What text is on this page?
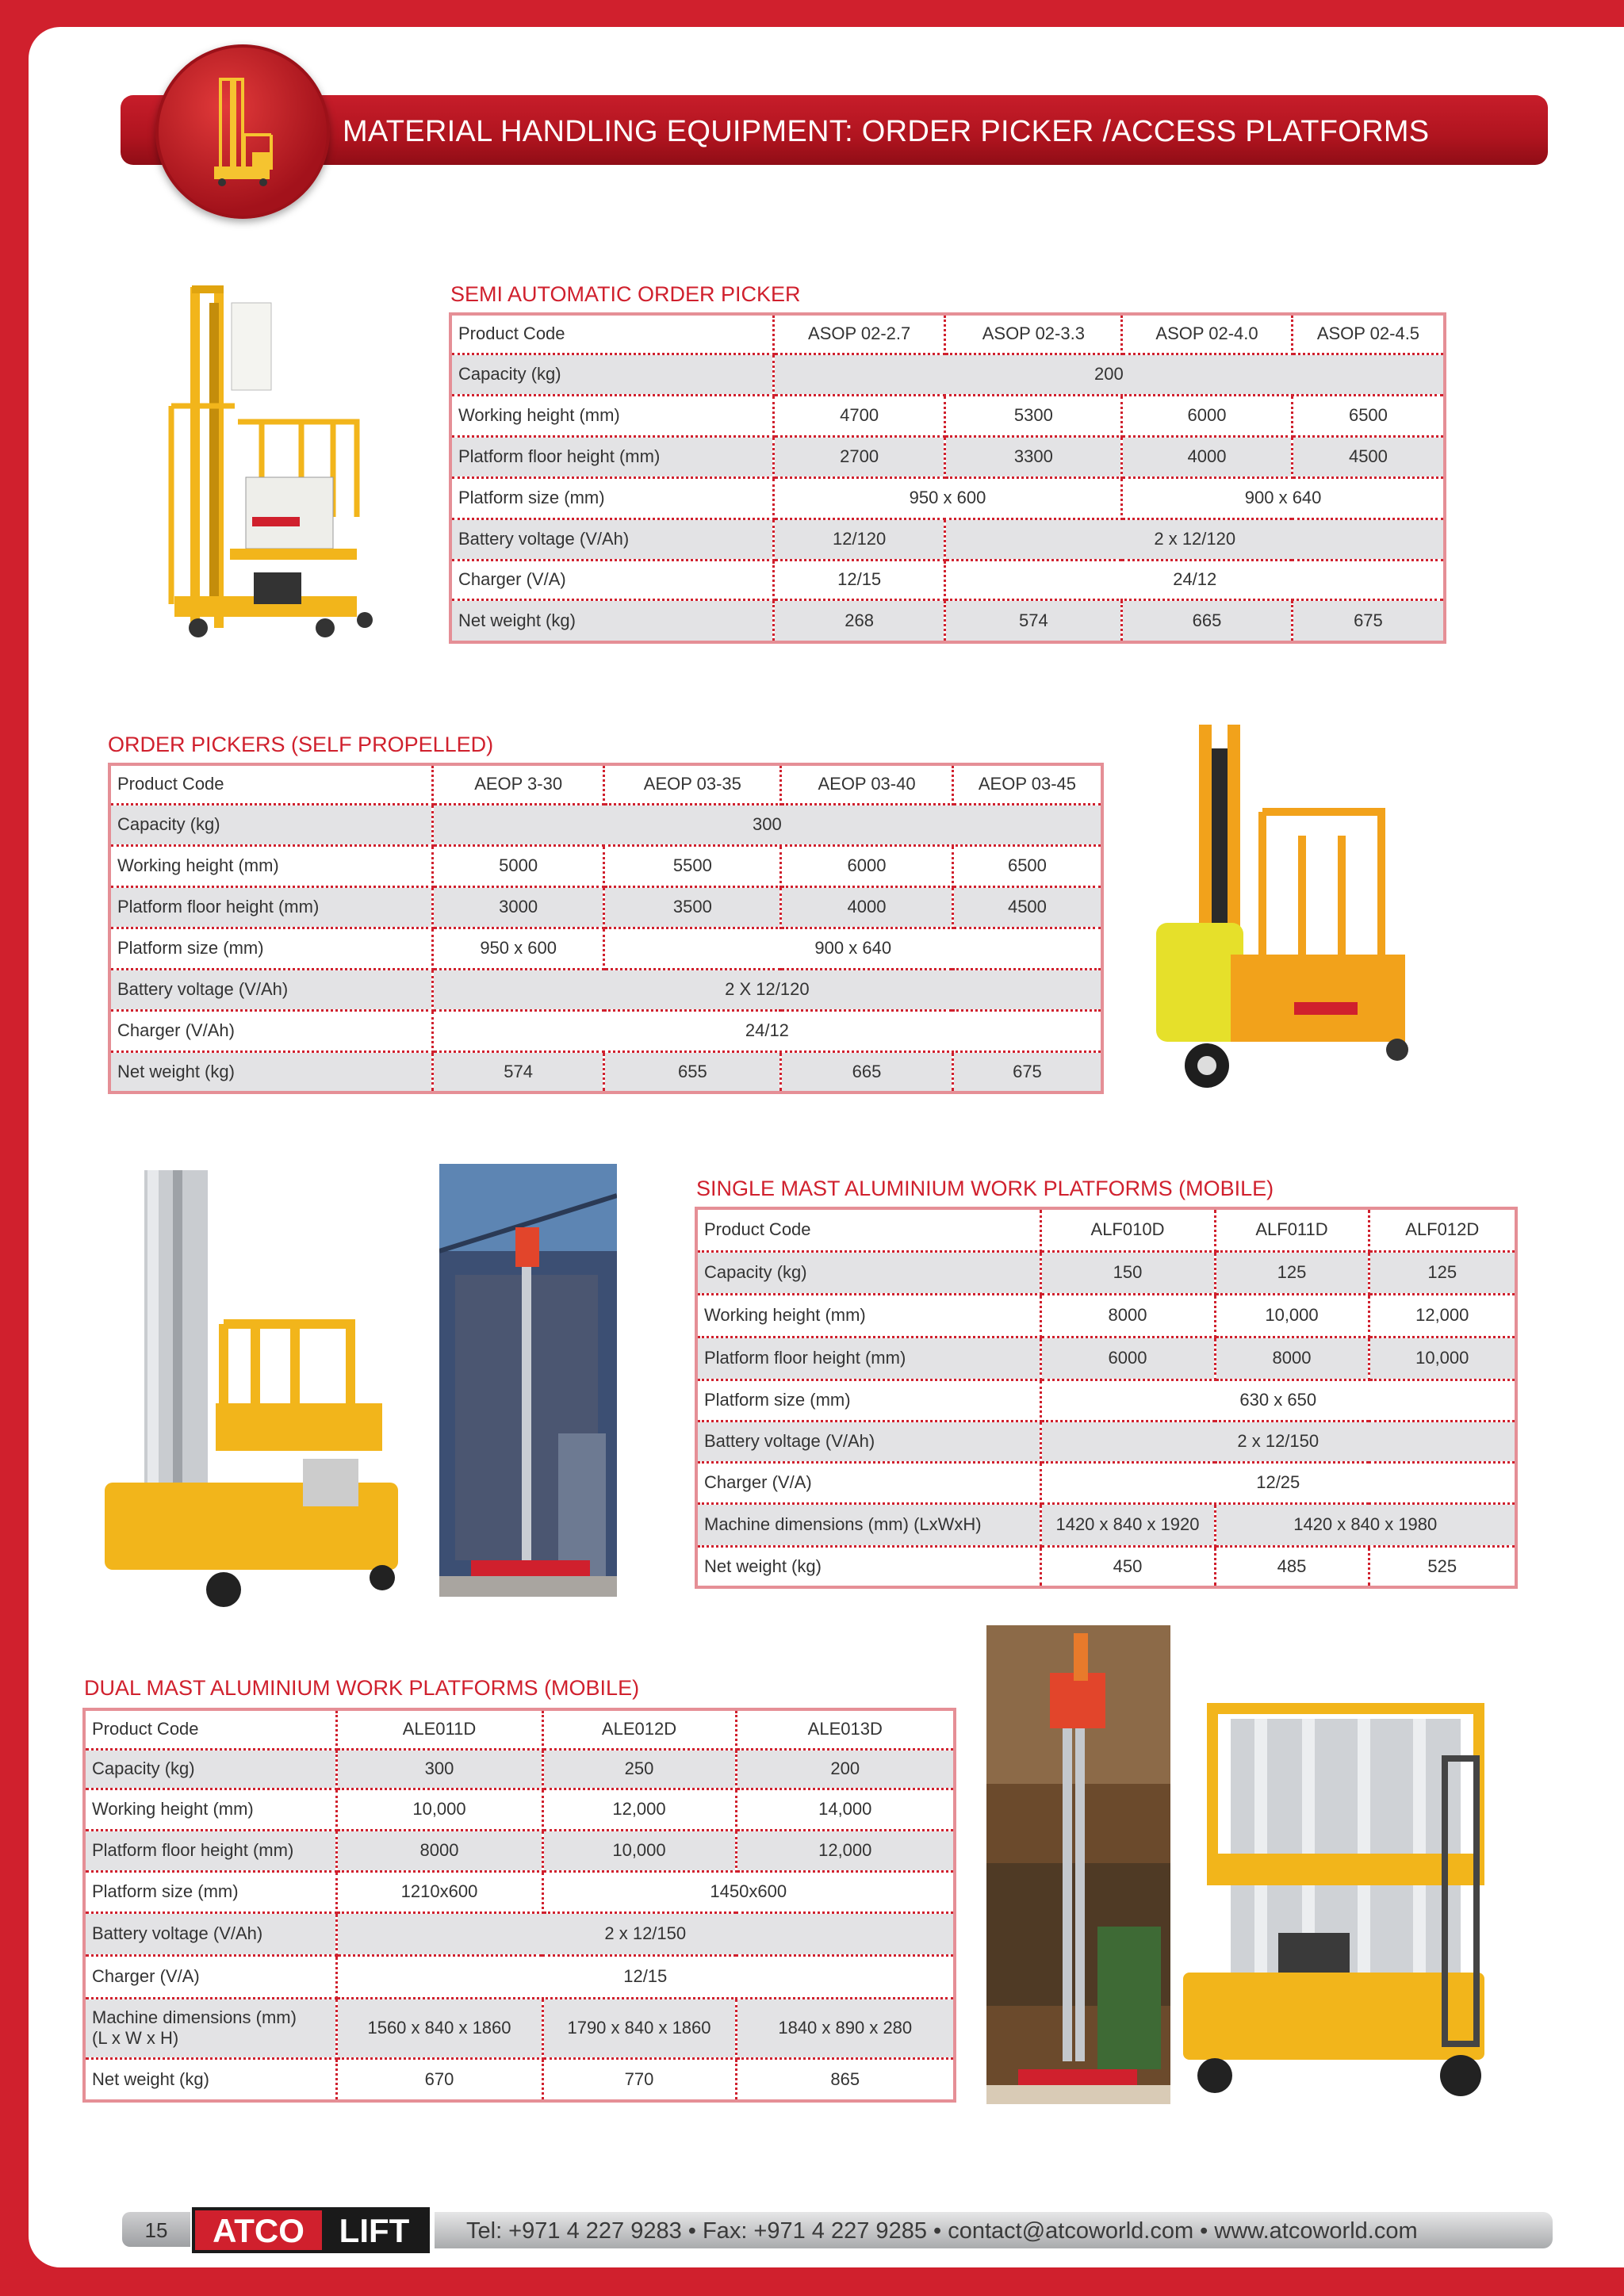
MATERIAL HANDLING EQUIPMENT: ORDER PICKER /ACCESS PLATFORMS
SEMI AUTOMATIC ORDER PICKER
Product Code	ASOP 02-2.7	ASOP 02-3.3	ASOP 02-4.0	ASOP 02-4.5
Capacity (kg)	200			
Working height (mm)	4700	5300	6000	6500
Platform floor height (mm)	2700	3300	4000	4500
Platform size (mm)	950 x 600		900 x 640	
Battery voltage (V/Ah)	12/120	2 x 12/120		
Charger (V/A)	12/15	24/12		
Net weight (kg)	268	574	665	675
ORDER PICKERS (SELF PROPELLED)
Product Code	AEOP 3-30	AEOP 03-35	AEOP 03-40	AEOP 03-45
Capacity (kg)	300			
Working height (mm)	5000	5500	6000	6500
Platform floor height (mm)	3000	3500	4000	4500
Platform size (mm)	950 x 600	900 x 640		
Battery voltage (V/Ah)	2 X 12/120			
Charger (V/Ah)	24/12			
Net weight (kg)	574	655	665	675
SINGLE MAST ALUMINIUM WORK PLATFORMS (MOBILE)
Product Code	ALF010D	ALF011D	ALF012D
Capacity (kg)	150	125	125
Working height (mm)	8000	10,000	12,000
Platform floor height (mm)	6000	8000	10,000
Platform size (mm)	630 x 650		
Battery voltage (V/Ah)	2 x 12/150		
Charger (V/A)	12/25		
Machine dimensions (mm) (LxWxH)	1420 x 840 x 1920	1420 x 840 x 1980	
Net weight (kg)	450	485	525
DUAL MAST ALUMINIUM WORK PLATFORMS (MOBILE)
Product Code	ALE011D	ALE012D	ALE013D
Capacity (kg)	300	250	200
Working height (mm)	10,000	12,000	14,000
Platform floor height (mm)	8000	10,000	12,000
Platform size (mm)	1210x600	1450x600	
Battery voltage (V/Ah)	2 x 12/150		
Charger (V/A)	12/15		
Machine dimensions (mm)
(L x W x H)	1560 x 840 x 1860	1790 x 840 x 1860	1840 x 890 x 280
Net weight (kg)	670	770	865
15	ATCO LIFT	Tel: +971 4 227 9283 • Fax: +971 4 227 9285 • contact@atcoworld.com • www.atcoworld.com
